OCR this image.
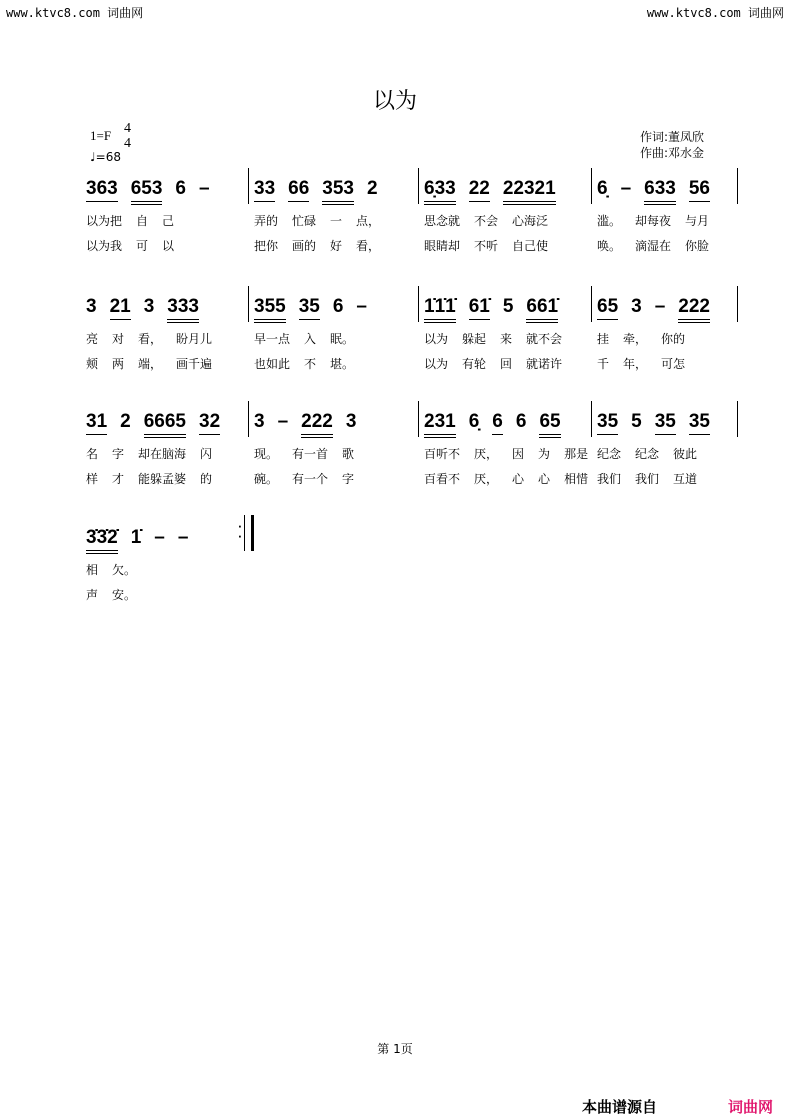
www.ktvc8.com 词曲网	www.ktvc8.com 词曲网
以为
1=F 4
4
♩=68
作词:董凤欣
作曲:邓水金
363 653 6 –
以为把 自 己
以为我 可 以
33 66 353 2
弄的 忙碌 一 点，
把你 画的 好 看，
6̣33 22 22321
思念就 不会 心海泛
眼睛却 不听 自己使
6̣ – 633 56
滥。 却每夜 与月
唤。 滴湿在 你脸
3 21 3 333
亮 对 看， 盼月儿
颊 两 端， 画千遍
355 35 6 –
早一点 入 眠。
也如此 不 堪。
1̇1̇1̇ 61̇ 5 661̇
以为 躲起 来 就不会
以为 有轮 回 就诺许
65 3 – 222
挂 牵， 你的
千 年， 可怎
31 2 6665 32
名 字 却在脑海 闪
样 才 能躲孟婆 的
3 – 222 3
现。 有一首 歌
碗。 有一个 字
231 6̣ 6 6 65
百听不 厌， 因 为 那是
百看不 厌， 心 心 相惜
35 5 35 35
纪念 纪念 彼此
我们 我们 互道
3̇3̇2̇ 1̇ – –
相 欠。
声 安。
·
·
第 1页
本曲谱源自	词曲网
